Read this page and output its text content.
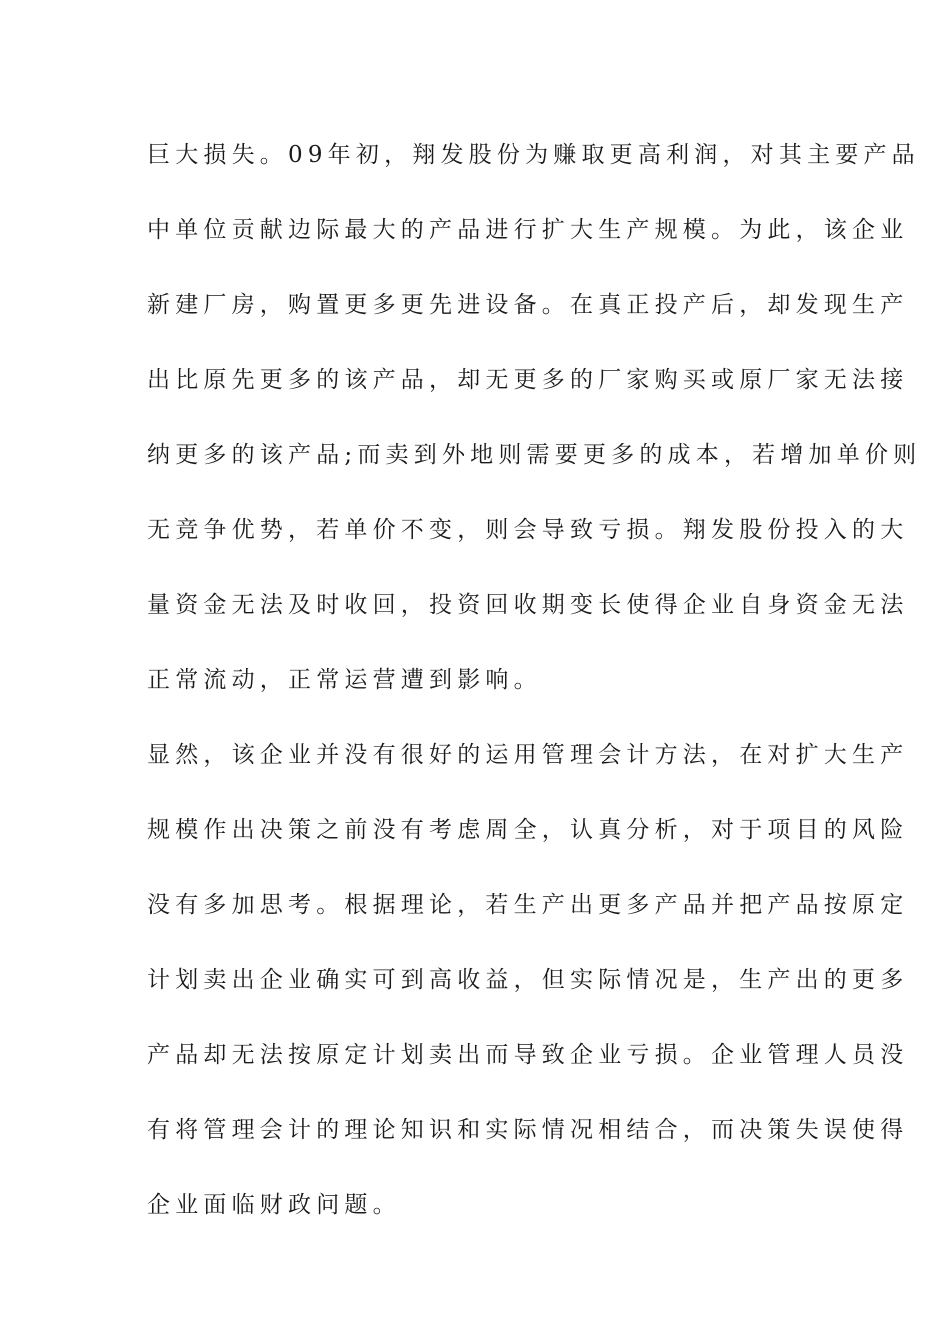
巨大损失。09年初，翔发股份为赚取更高利润，对其主要产品
中单位贡献边际最大的产品进行扩大生产规模。为此，该企业
新建厂房，购置更多更先进设备。在真正投产后，却发现生产
出比原先更多的该产品，却无更多的厂家购买或原厂家无法接
纳更多的该产品;而卖到外地则需要更多的成本，若增加单价则
无竞争优势，若单价不变，则会导致亏损。翔发股份投入的大
量资金无法及时收回，投资回收期变长使得企业自身资金无法
正常流动，正常运营遭到影响。
显然，该企业并没有很好的运用管理会计方法，在对扩大生产
规模作出决策之前没有考虑周全，认真分析，对于项目的风险
没有多加思考。根据理论，若生产出更多产品并把产品按原定
计划卖出企业确实可到高收益，但实际情况是，生产出的更多
产品却无法按原定计划卖出而导致企业亏损。企业管理人员没
有将管理会计的理论知识和实际情况相结合，而决策失误使得
企业面临财政问题。
